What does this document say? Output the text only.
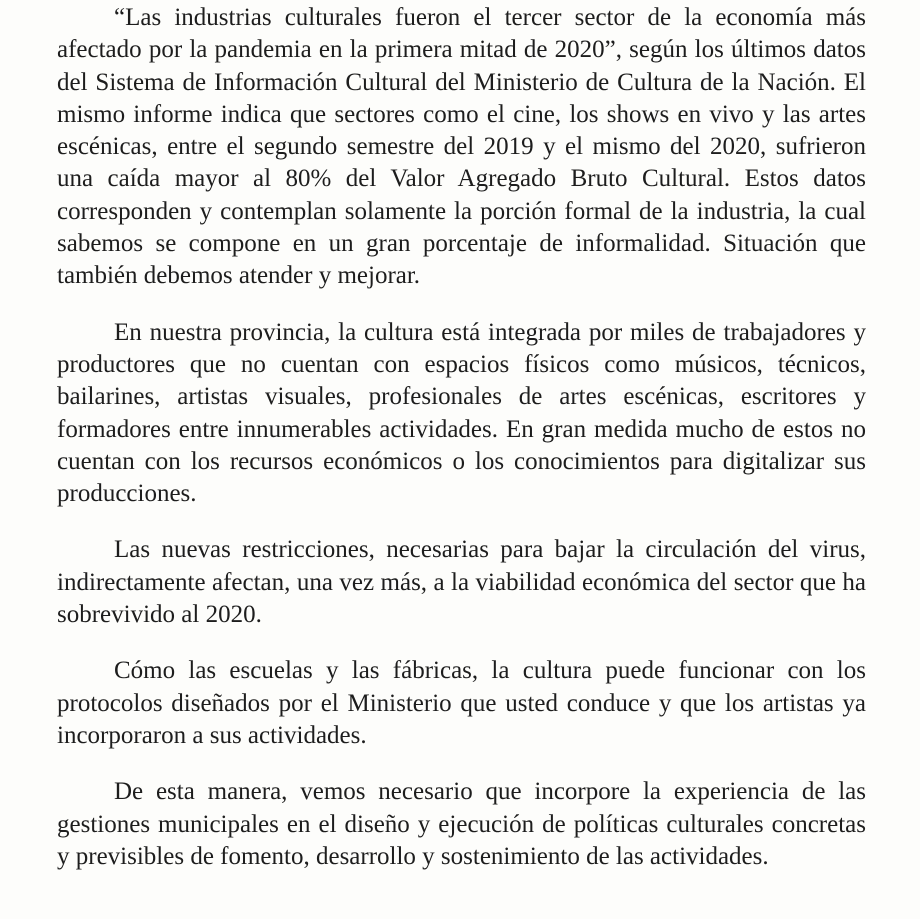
“Las industrias culturales fueron el tercer sector de la economía más afectado por la pandemia en la primera mitad de 2020”, según los últimos datos del Sistema de Información Cultural del Ministerio de Cultura de la Nación. El mismo informe indica que sectores como el cine, los shows en vivo y las artes escénicas, entre el segundo semestre del 2019 y el mismo del 2020, sufrieron una caída mayor al 80% del Valor Agregado Bruto Cultural. Estos datos corresponden y contemplan solamente la porción formal de la industria, la cual sabemos se compone en un gran porcentaje de informalidad. Situación que también debemos atender y mejorar.

En nuestra provincia, la cultura está integrada por miles de trabajadores y productores que no cuentan con espacios físicos como músicos, técnicos, bailarines, artistas visuales, profesionales de artes escénicas, escritores y formadores entre innumerables actividades. En gran medida mucho de estos no cuentan con los recursos económicos o los conocimientos para digitalizar sus producciones.

Las nuevas restricciones, necesarias para bajar la circulación del virus, indirectamente afectan, una vez más, a la viabilidad económica del sector que ha sobrevivido al 2020.

Cómo las escuelas y las fábricas, la cultura puede funcionar con los protocolos diseñados por el Ministerio que usted conduce y que los artistas ya incorporaron a sus actividades.

De esta manera, vemos necesario que incorpore la experiencia de las gestiones municipales en el diseño y ejecución de políticas culturales concretas y previsibles de fomento, desarrollo y sostenimiento de las actividades.
